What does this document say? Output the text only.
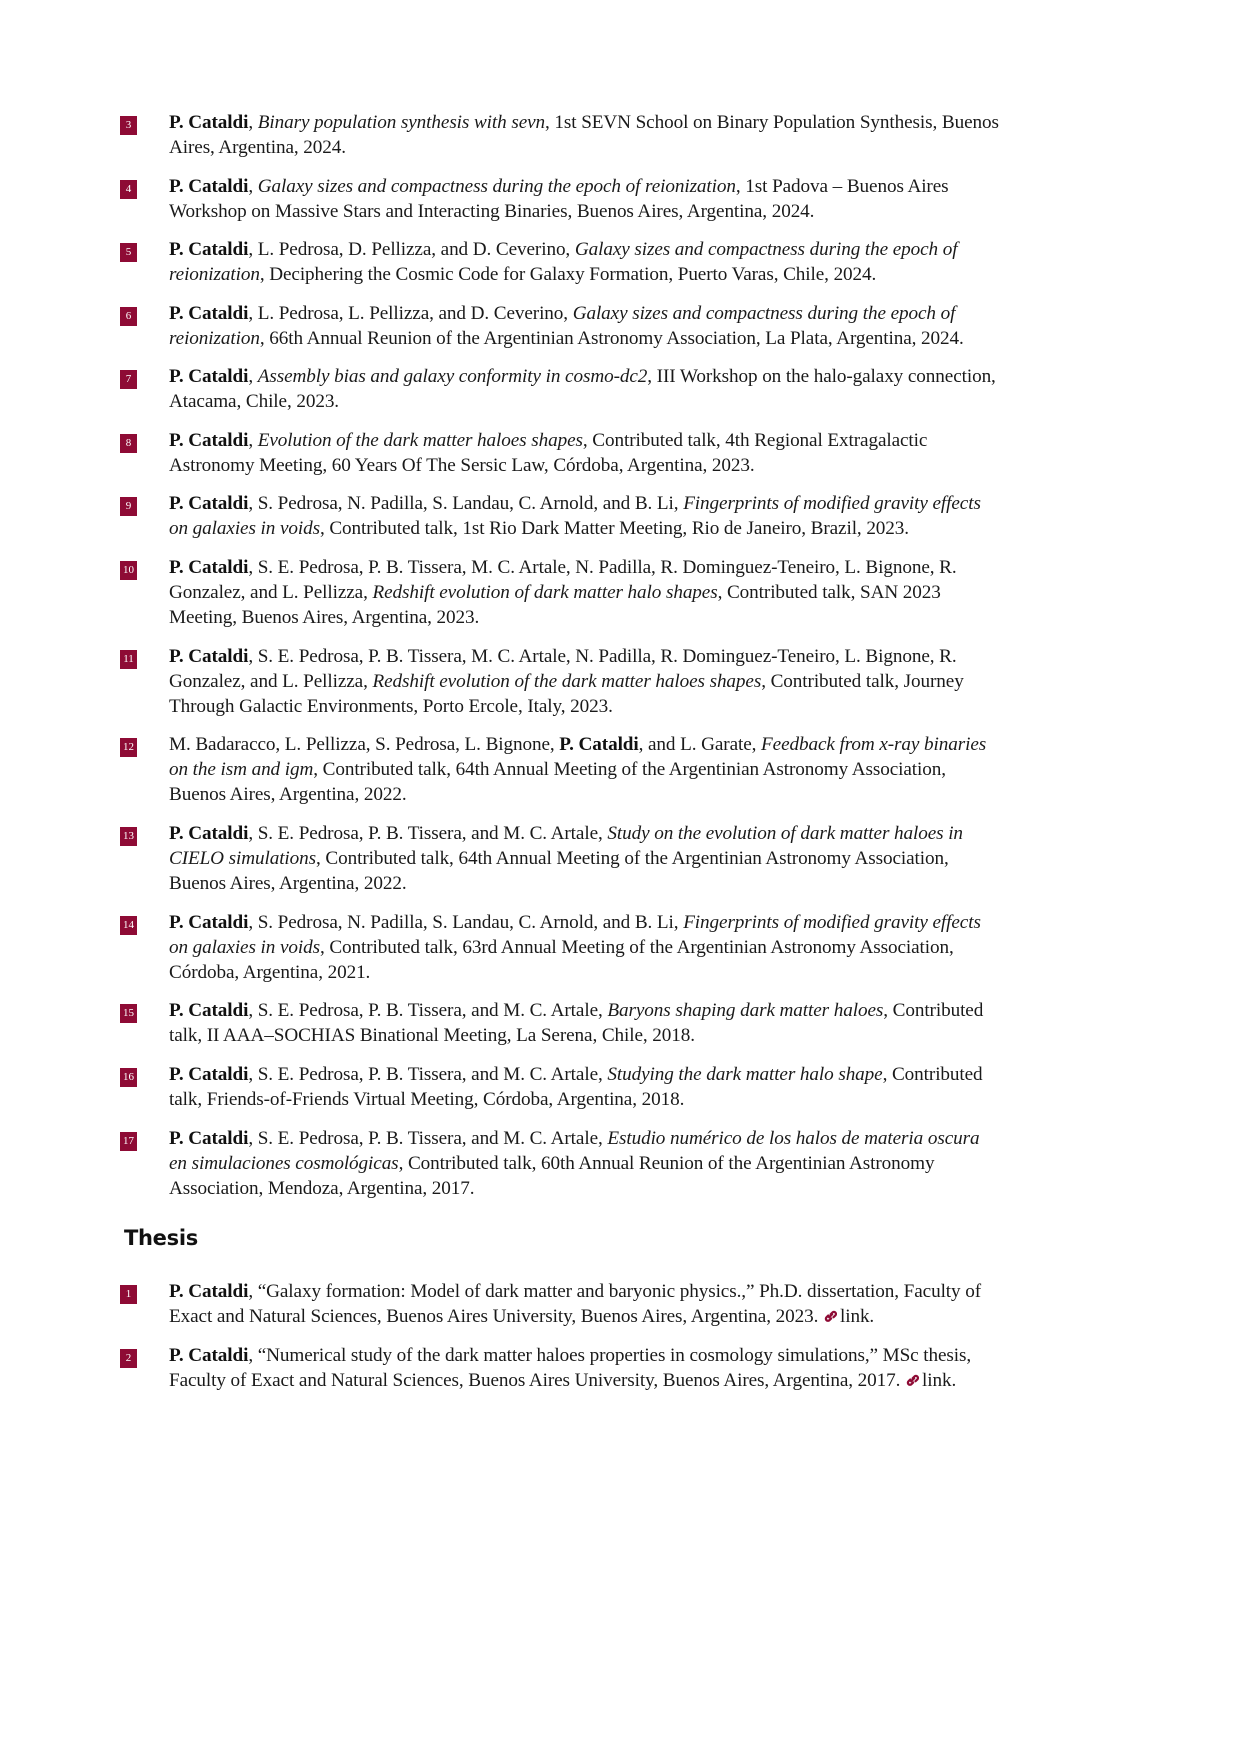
3 P. Cataldi, Binary population synthesis with sevn, 1st SEVN School on Binary Population Synthesis, Buenos Aires, Argentina, 2024.
4 P. Cataldi, Galaxy sizes and compactness during the epoch of reionization, 1st Padova – Buenos Aires Workshop on Massive Stars and Interacting Binaries, Buenos Aires, Argentina, 2024.
5 P. Cataldi, L. Pedrosa, D. Pellizza, and D. Ceverino, Galaxy sizes and compactness during the epoch of reionization, Deciphering the Cosmic Code for Galaxy Formation, Puerto Varas, Chile, 2024.
6 P. Cataldi, L. Pedrosa, L. Pellizza, and D. Ceverino, Galaxy sizes and compactness during the epoch of reionization, 66th Annual Reunion of the Argentinian Astronomy Association, La Plata, Argentina, 2024.
7 P. Cataldi, Assembly bias and galaxy conformity in cosmo-dc2, III Workshop on the halo-galaxy connection, Atacama, Chile, 2023.
8 P. Cataldi, Evolution of the dark matter haloes shapes, Contributed talk, 4th Regional Extragalactic Astronomy Meeting, 60 Years Of The Sersic Law, Córdoba, Argentina, 2023.
9 P. Cataldi, S. Pedrosa, N. Padilla, S. Landau, C. Arnold, and B. Li, Fingerprints of modified gravity effects on galaxies in voids, Contributed talk, 1st Rio Dark Matter Meeting, Rio de Janeiro, Brazil, 2023.
10 P. Cataldi, S. E. Pedrosa, P. B. Tissera, M. C. Artale, N. Padilla, R. Dominguez-Teneiro, L. Bignone, R. Gonzalez, and L. Pellizza, Redshift evolution of dark matter halo shapes, Contributed talk, SAN 2023 Meeting, Buenos Aires, Argentina, 2023.
11 P. Cataldi, S. E. Pedrosa, P. B. Tissera, M. C. Artale, N. Padilla, R. Dominguez-Teneiro, L. Bignone, R. Gonzalez, and L. Pellizza, Redshift evolution of the dark matter haloes shapes, Contributed talk, Journey Through Galactic Environments, Porto Ercole, Italy, 2023.
12 M. Badaracco, L. Pellizza, S. Pedrosa, L. Bignone, P. Cataldi, and L. Garate, Feedback from x-ray binaries on the ism and igm, Contributed talk, 64th Annual Meeting of the Argentinian Astronomy Association, Buenos Aires, Argentina, 2022.
13 P. Cataldi, S. E. Pedrosa, P. B. Tissera, and M. C. Artale, Study on the evolution of dark matter haloes in CIELO simulations, Contributed talk, 64th Annual Meeting of the Argentinian Astronomy Association, Buenos Aires, Argentina, 2022.
14 P. Cataldi, S. Pedrosa, N. Padilla, S. Landau, C. Arnold, and B. Li, Fingerprints of modified gravity effects on galaxies in voids, Contributed talk, 63rd Annual Meeting of the Argentinian Astronomy Association, Córdoba, Argentina, 2021.
15 P. Cataldi, S. E. Pedrosa, P. B. Tissera, and M. C. Artale, Baryons shaping dark matter haloes, Contributed talk, II AAA–SOCHIAS Binational Meeting, La Serena, Chile, 2018.
16 P. Cataldi, S. E. Pedrosa, P. B. Tissera, and M. C. Artale, Studying the dark matter halo shape, Contributed talk, Friends-of-Friends Virtual Meeting, Córdoba, Argentina, 2018.
17 P. Cataldi, S. E. Pedrosa, P. B. Tissera, and M. C. Artale, Estudio numérico de los halos de materia oscura en simulaciones cosmológicas, Contributed talk, 60th Annual Reunion of the Argentinian Astronomy Association, Mendoza, Argentina, 2017.
Thesis
1 P. Cataldi, “Galaxy formation: Model of dark matter and baryonic physics.,” Ph.D. dissertation, Faculty of Exact and Natural Sciences, Buenos Aires University, Buenos Aires, Argentina, 2023. link.
2 P. Cataldi, “Numerical study of the dark matter haloes properties in cosmology simulations,” MSc thesis, Faculty of Exact and Natural Sciences, Buenos Aires University, Buenos Aires, Argentina, 2017. link.
